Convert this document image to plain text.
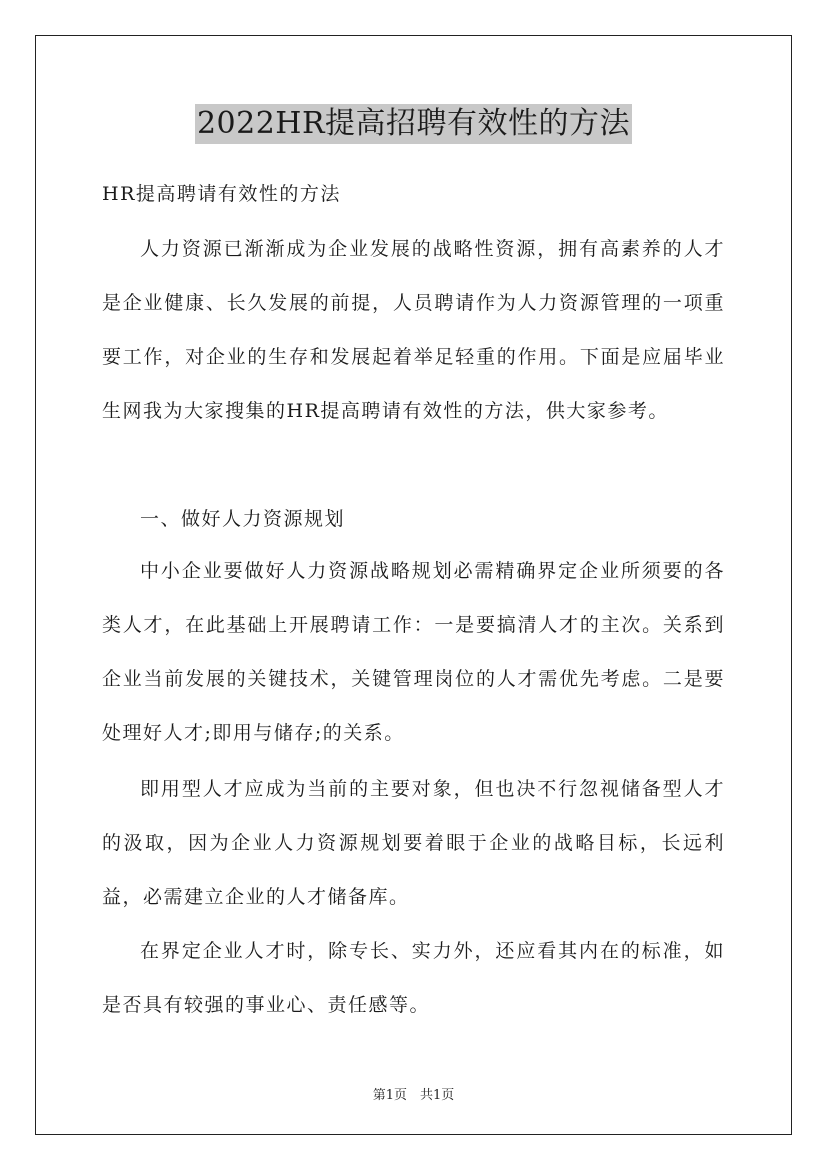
2022HR提高招聘有效性的方法

HR提高聘请有效性的方法

人力资源已渐渐成为企业发展的战略性资源，拥有高素养的人才是企业健康、长久发展的前提，人员聘请作为人力资源管理的一项重要工作，对企业的生存和发展起着举足轻重的作用。下面是应届毕业生网我为大家搜集的HR提高聘请有效性的方法，供大家参考。

一、做好人力资源规划

中小企业要做好人力资源战略规划必需精确界定企业所须要的各类人才，在此基础上开展聘请工作：一是要搞清人才的主次。关系到企业当前发展的关键技术，关键管理岗位的人才需优先考虑。二是要处理好人才;即用与储存;的关系。

即用型人才应成为当前的主要对象，但也决不行忽视储备型人才的汲取，因为企业人力资源规划要着眼于企业的战略目标，长远利益，必需建立企业的人才储备库。

在界定企业人才时，除专长、实力外，还应看其内在的标准，如是否具有较强的事业心、责任感等。

第1页　共1页
